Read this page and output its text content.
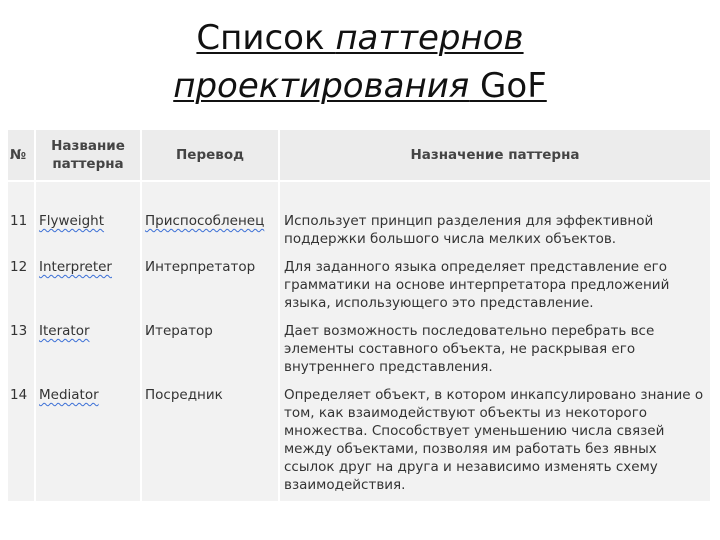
Список паттернов
проектирования GoF
№	Название паттерна	Перевод	Назначение паттерна
11	Flyweight	Приспособленец	Использует принцип разделения для эффективной поддержки большого числа мелких объектов.
12	Interpreter	Интерпретатор	Для заданного языка определяет представление его грамматики на основе интерпретатора предложений языка, использующего это представление.
13	Iterator	Итератор	Дает возможность последовательно перебрать все элементы составного объекта, не раскрывая его внутреннего представления.
14	Mediator	Посредник	Определяет объект, в котором инкапсулировано знание о том, как взаимодействуют объекты из некоторого множества. Способствует уменьшению числа связей между объектами, позволяя им работать без явных ссылок друг на друга и независимо изменять схему взаимодействия.
